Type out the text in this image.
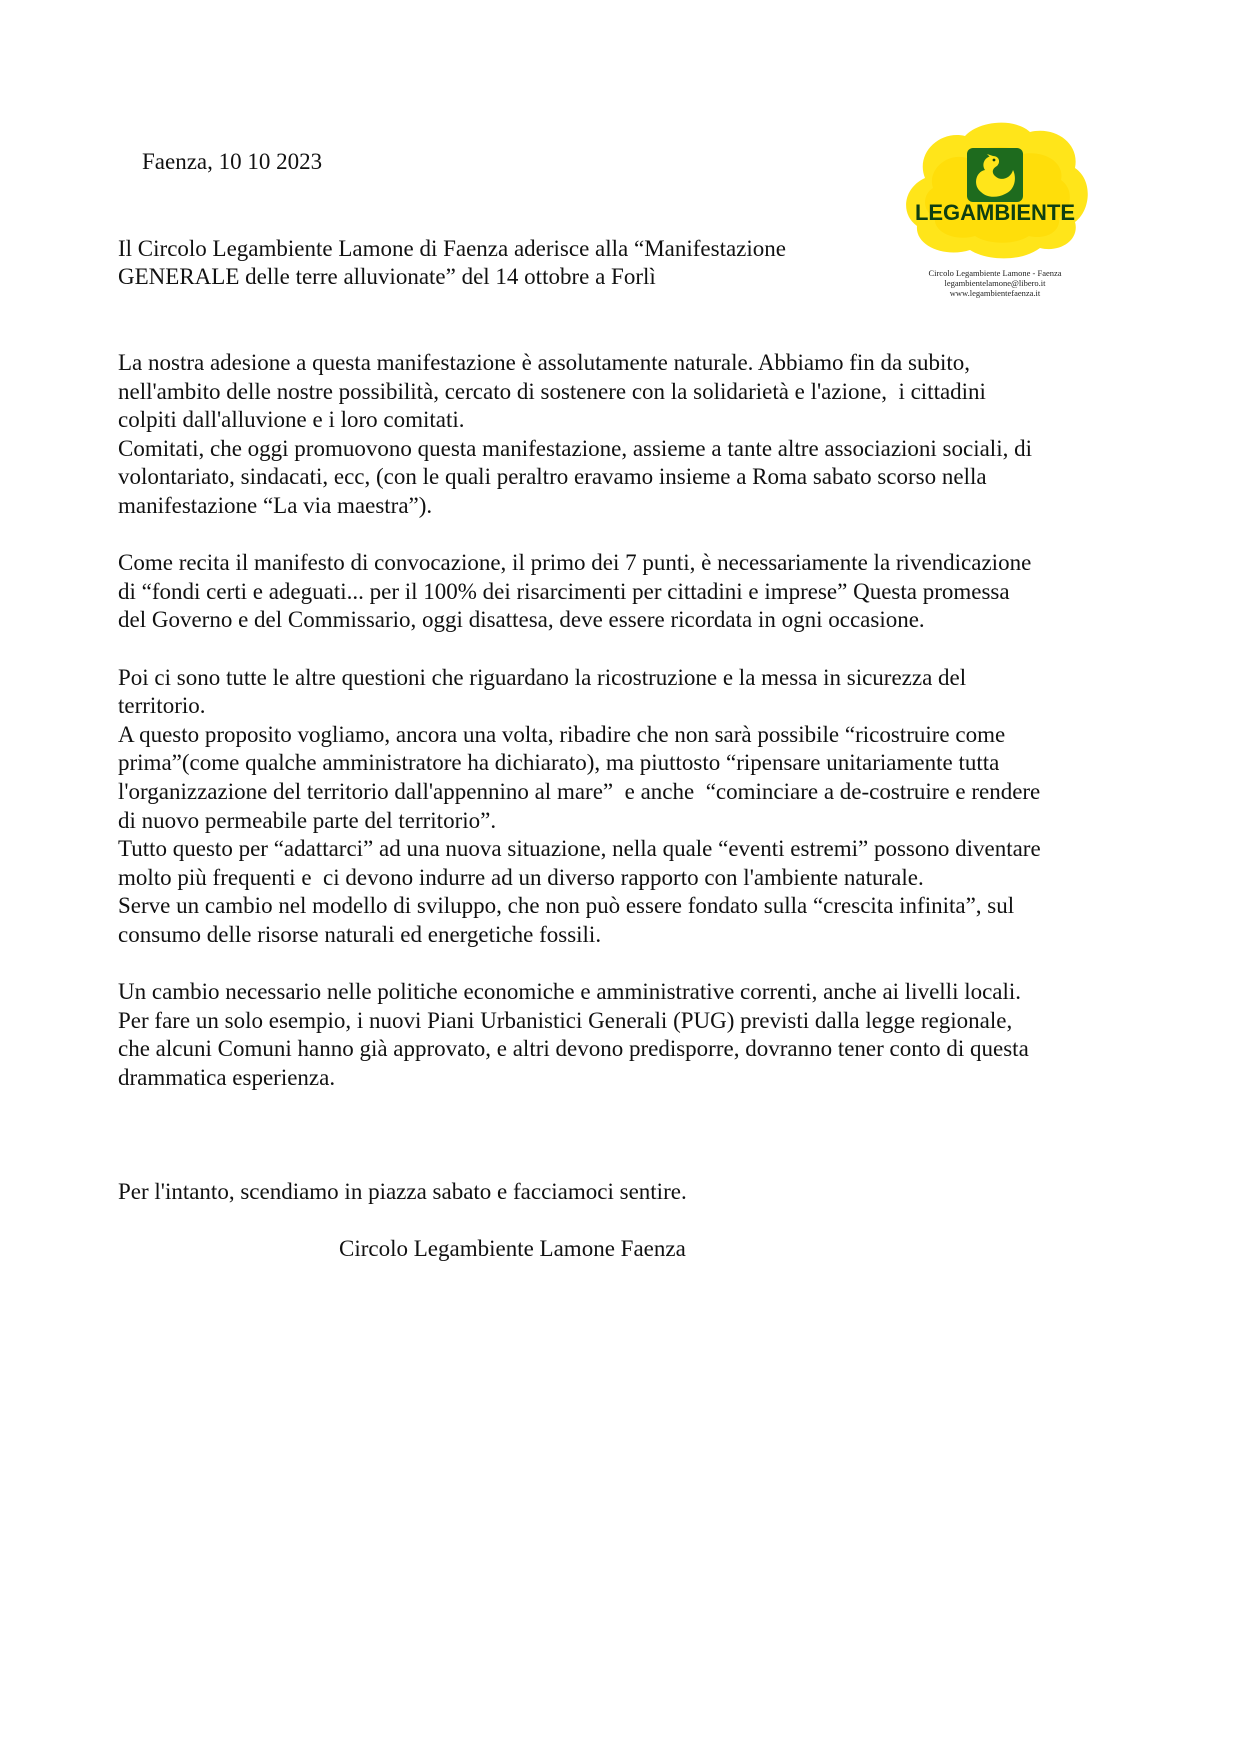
Faenza, 10 10 2023

Il Circolo Legambiente Lamone di Faenza aderisce alla “Manifestazione

GENERALE delle terre alluvionate” del 14 ottobre a Forlì

LEGAMBIENTE
Circolo Legambiente Lamone - Faenza
legambientelamone@libero.it
www.legambientefaenza.it
La nostra adesione a questa manifestazione è assolutamente naturale. Abbiamo fin da subito,
nell'ambito delle nostre possibilità, cercato di sostenere con la solidarietà e l'azione,  i cittadini
colpiti dall'alluvione e i loro comitati.
Comitati, che oggi promuovono questa manifestazione, assieme a tante altre associazioni sociali, di
volontariato, sindacati, ecc, (con le quali peraltro eravamo insieme a Roma sabato scorso nella
manifestazione “La via maestra”).
Come recita il manifesto di convocazione, il primo dei 7 punti, è necessariamente la rivendicazione
di “fondi certi e adeguati... per il 100% dei risarcimenti per cittadini e imprese” Questa promessa
del Governo e del Commissario, oggi disattesa, deve essere ricordata in ogni occasione.
Poi ci sono tutte le altre questioni che riguardano la ricostruzione e la messa in sicurezza del
territorio.
A questo proposito vogliamo, ancora una volta, ribadire che non sarà possibile “ricostruire come
prima”(come qualche amministratore ha dichiarato), ma piuttosto “ripensare unitariamente tutta
l'organizzazione del territorio dall'appennino al mare”  e anche  “cominciare a de-costruire e rendere
di nuovo permeabile parte del territorio”.
Tutto questo per “adattarci” ad una nuova situazione, nella quale “eventi estremi” possono diventare
molto più frequenti e  ci devono indurre ad un diverso rapporto con l'ambiente naturale.
Serve un cambio nel modello di sviluppo, che non può essere fondato sulla “crescita infinita”, sul
consumo delle risorse naturali ed energetiche fossili.
Un cambio necessario nelle politiche economiche e amministrative correnti, anche ai livelli locali.
Per fare un solo esempio, i nuovi Piani Urbanistici Generali (PUG) previsti dalla legge regionale,
che alcuni Comuni hanno già approvato, e altri devono predisporre, dovranno tener conto di questa
drammatica esperienza.

Per l'intanto, scendiamo in piazza sabato e facciamoci sentire.

Circolo Legambiente Lamone Faenza
